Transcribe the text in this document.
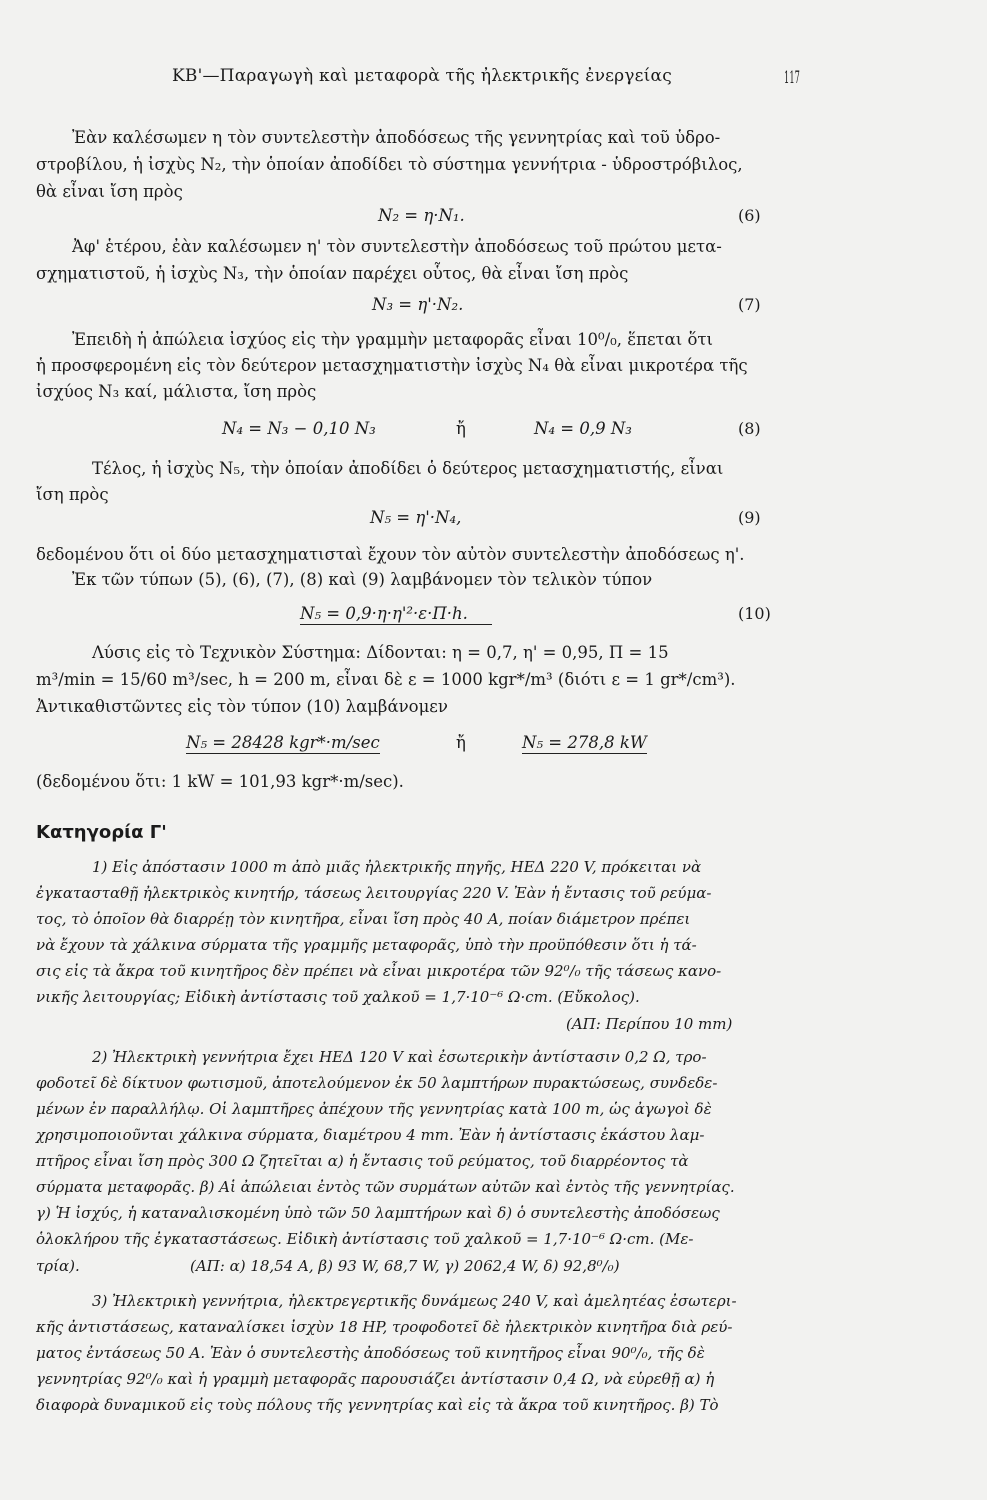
ΚΒ'—Παραγωγὴ καὶ μεταφορὰ τῆς ἠλεκτρικῆς ἐνεργείας	117
Ἐὰν καλέσωμεν η τὸν συντελεστὴν ἀποδόσεως τῆς γεννητρίας καὶ τοῦ ὑδρο-
στροβίλου, ἡ ἰσχὺς N₂, τὴν ὁποίαν ἀποδίδει τὸ σύστημα γεννήτρια - ὑδροστρόβιλος,
θὰ εἶναι ἴση πρὸς
N₂ = η·N₁.	(6)
Ἀφ' ἑτέρου, ἐὰν καλέσωμεν η' τὸν συντελεστὴν ἀποδόσεως τοῦ πρώτου μετα-
σχηματιστοῦ, ἡ ἰσχὺς N₃, τὴν ὁποίαν παρέχει οὗτος, θὰ εἶναι ἴση πρὸς
N₃ = η'·N₂.	(7)
Ἐπειδὴ ἡ ἀπώλεια ἰσχύος εἰς τὴν γραμμὴν μεταφορᾶς εἶναι 10⁰/₀, ἕπεται ὅτι
ἡ προσφερομένη εἰς τὸν δεύτερον μετασχηματιστὴν ἰσχὺς N₄ θὰ εἶναι μικροτέρα τῆς
ἰσχύος N₃ καί, μάλιστα, ἴση πρὸς
N₄ = N₃ − 0,10 N₃	ἤ	N₄ = 0,9 N₃	(8)
Τέλος, ἡ ἰσχὺς N₅, τὴν ὁποίαν ἀποδίδει ὁ δεύτερος μετασχηματιστής, εἶναι
ἴση πρὸς
N₅ = η'·N₄,	(9)
δεδομένου ὅτι οἱ δύο μετασχηματισταὶ ἔχουν τὸν αὐτὸν συντελεστὴν ἀποδόσεως η'.
Ἐκ τῶν τύπων (5), (6), (7), (8) καὶ (9) λαμβάνομεν τὸν τελικὸν τύπον
N₅ = 0,9·η·η'²·ε·Π·h.	(10)
Λύσις εἰς τὸ Τεχνικὸν Σύστημα: Δίδονται: η = 0,7, η' = 0,95, Π = 15
m³/min = 15/60 m³/sec, h = 200 m, εἶναι δὲ ε = 1000 kgr*/m³ (διότι ε = 1 gr*/cm³).
Ἀντικαθιστῶντες εἰς τὸν τύπον (10) λαμβάνομεν
N₅ = 28428 kgr*·m/sec	ἤ	N₅ = 278,8 kW
(δεδομένου ὅτι: 1 kW = 101,93 kgr*·m/sec).
Κατηγορία Γ'
1) Εἰς ἀπόστασιν 1000 m ἀπὸ μιᾶς ἠλεκτρικῆς πηγῆς, ΗΕΔ 220 V, πρόκειται νὰ
ἐγκατασταθῇ ἠλεκτρικὸς κινητήρ, τάσεως λειτουργίας 220 V. Ἐὰν ἡ ἔντασις τοῦ ρεύμα-
τος, τὸ ὁποῖον θὰ διαρρέῃ τὸν κινητῆρα, εἶναι ἴση πρὸς 40 A, ποίαν διάμετρον πρέπει
νὰ ἔχουν τὰ χάλκινα σύρματα τῆς γραμμῆς μεταφορᾶς, ὑπὸ τὴν προϋπόθεσιν ὅτι ἡ τά-
σις εἰς τὰ ἄκρα τοῦ κινητῆρος δὲν πρέπει νὰ εἶναι μικροτέρα τῶν 92⁰/₀ τῆς τάσεως κανο-
νικῆς λειτουργίας; Εἰδικὴ ἀντίστασις τοῦ χαλκοῦ = 1,7·10⁻⁶ Ω·cm. (Εὔκολος).
(ΑΠ: Περίπου 10 mm)
2) Ἠλεκτρικὴ γεννήτρια ἔχει ΗΕΔ 120 V καὶ ἐσωτερικὴν ἀντίστασιν 0,2 Ω, τρο-
φοδοτεῖ δὲ δίκτυον φωτισμοῦ, ἀποτελούμενον ἐκ 50 λαμπτήρων πυρακτώσεως, συνδεδε-
μένων ἐν παραλλήλῳ. Οἱ λαμπτῆρες ἀπέχουν τῆς γεννητρίας κατὰ 100 m, ὡς ἀγωγοὶ δὲ
χρησιμοποιοῦνται χάλκινα σύρματα, διαμέτρου 4 mm. Ἐὰν ἡ ἀντίστασις ἑκάστου λαμ-
πτῆρος εἶναι ἴση πρὸς 300 Ω ζητεῖται α) ἡ ἔντασις τοῦ ρεύματος, τοῦ διαρρέοντος τὰ
σύρματα μεταφορᾶς. β) Αἱ ἀπώλειαι ἐντὸς τῶν συρμάτων αὐτῶν καὶ ἐντὸς τῆς γεννητρίας.
γ) Ἡ ἰσχύς, ἡ καταναλισκομένη ὑπὸ τῶν 50 λαμπτήρων καὶ δ) ὁ συντελεστὴς ἀποδόσεως
ὁλοκλήρου τῆς ἐγκαταστάσεως. Εἰδικὴ ἀντίστασις τοῦ χαλκοῦ = 1,7·10⁻⁶ Ω·cm. (Με-
τρία).	(ΑΠ: α) 18,54 A, β) 93 W, 68,7 W, γ) 2062,4 W, δ) 92,8⁰/₀)
3) Ἠλεκτρικὴ γεννήτρια, ἠλεκτρεγερτικῆς δυνάμεως 240 V, καὶ ἀμελητέας ἐσωτερι-
κῆς ἀντιστάσεως, καταναλίσκει ἰσχὺν 18 HP, τροφοδοτεῖ δὲ ἠλεκτρικὸν κινητῆρα διὰ ρεύ-
ματος ἐντάσεως 50 A. Ἐὰν ὁ συντελεστὴς ἀποδόσεως τοῦ κινητῆρος εἶναι 90⁰/₀, τῆς δὲ
γεννητρίας 92⁰/₀ καὶ ἡ γραμμὴ μεταφορᾶς παρουσιάζει ἀντίστασιν 0,4 Ω, νὰ εὑρεθῇ α) ἡ
διαφορὰ δυναμικοῦ εἰς τοὺς πόλους τῆς γεννητρίας καὶ εἰς τὰ ἄκρα τοῦ κινητῆρος. β) Τὸ
